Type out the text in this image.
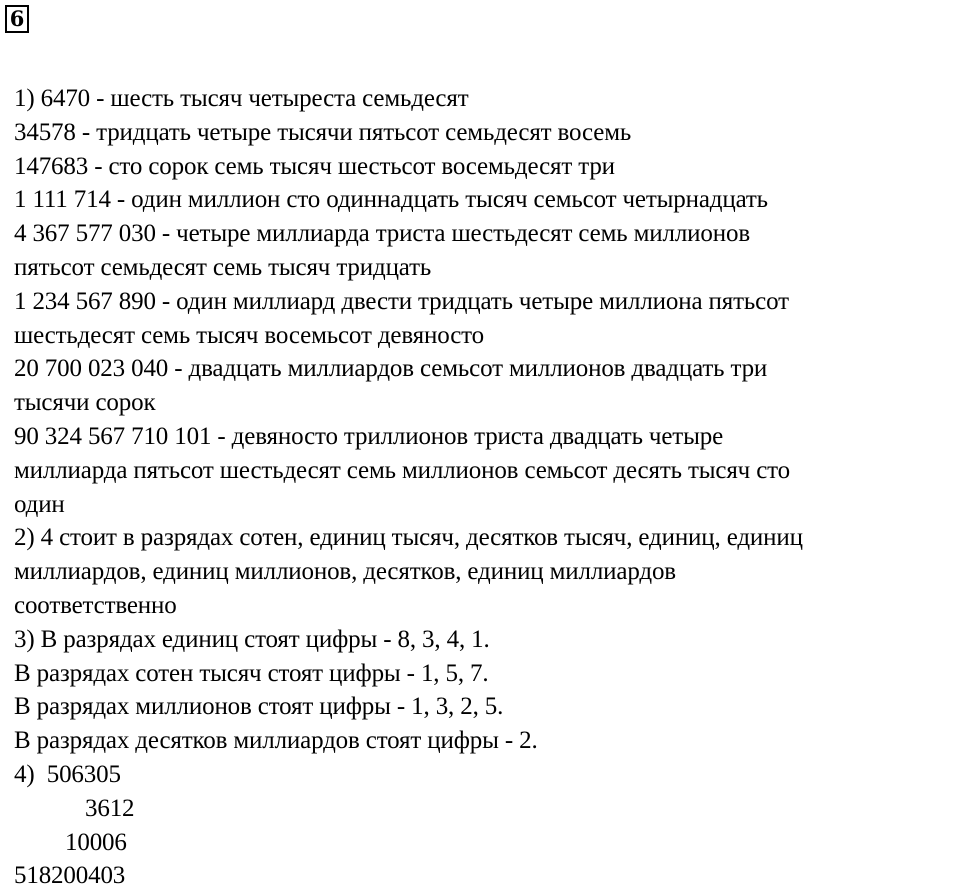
6
1) 6470 - шесть тысяч четыреста семьдесят
34578 - тридцать четыре тысячи пятьсот семьдесят восемь
147683 - сто сорок семь тысяч шестьсот восемьдесят три
1 111 714 - один миллион сто одиннадцать тысяч семьсот четырнадцать
4 367 577 030 - четыре миллиарда триста шестьдесят семь миллионов
пятьсот семьдесят семь тысяч тридцать
1 234 567 890 - один миллиард двести тридцать четыре миллиона пятьсот
шестьдесят семь тысяч восемьсот девяносто
20 700 023 040 - двадцать миллиардов семьсот миллионов двадцать три
тысячи сорок
90 324 567 710 101 - девяносто триллионов триста двадцать четыре
миллиарда пятьсот шестьдесят семь миллионов семьсот десять тысяч сто
один
2) 4 стоит в разрядах сотен, единиц тысяч, десятков тысяч, единиц, единиц
миллиардов, единиц миллионов, десятков, единиц миллиардов
соответственно
3) В разрядах единиц стоят цифры - 8, 3, 4, 1.
В разрядах сотен тысяч стоят цифры - 1, 5, 7.
В разрядах миллионов стоят цифры - 1, 3, 2, 5.
В разрядах десятков миллиардов стоят цифры - 2.
4) 506305
3612
10006
518200403
